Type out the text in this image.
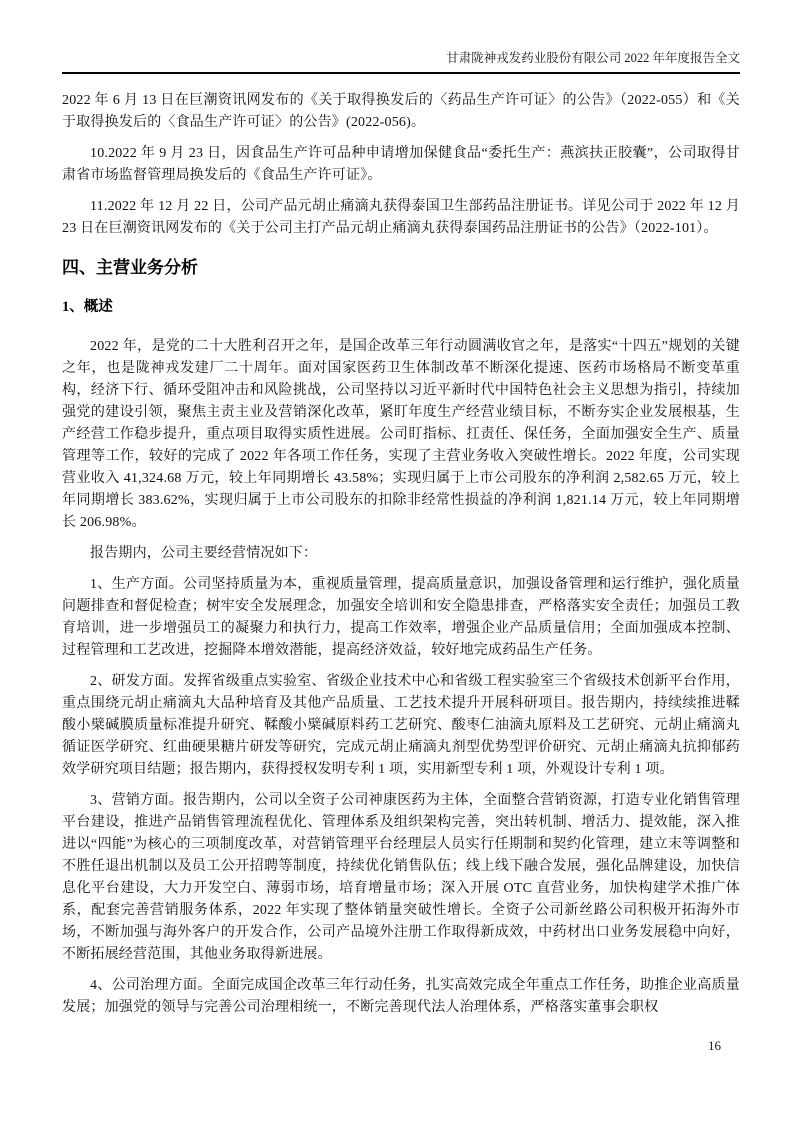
甘肃陇神戎发药业股份有限公司 2022 年年度报告全文

2022 年 6 月 13 日在巨潮资讯网发布的《关于取得换发后的〈药品生产许可证〉的公告》（2022-055）和《关于取得换发后的〈食品生产许可证〉的公告》(2022-056)。

10.2022 年 9 月 23 日，因食品生产许可品种申请增加保健食品“委托生产：燕滨扶正胶囊”，公司取得甘肃省市场监督管理局换发后的《食品生产许可证》。

11.2022 年 12 月 22 日，公司产品元胡止痛滴丸获得泰国卫生部药品注册证书。详见公司于 2022 年 12 月 23 日在巨潮资讯网发布的《关于公司主打产品元胡止痛滴丸获得泰国药品注册证书的公告》（2022-101）。

四、主营业务分析
1、概述

2022 年，是党的二十大胜利召开之年，是国企改革三年行动圆满收官之年，是落实“十四五”规划的关键之年，也是陇神戎发建厂二十周年。面对国家医药卫生体制改革不断深化提速、医药市场格局不断变革重构，经济下行、循环受阻冲击和风险挑战，公司坚持以习近平新时代中国特色社会主义思想为指引，持续加强党的建设引领，聚焦主责主业及营销深化改革，紧盯年度生产经营业绩目标，不断夯实企业发展根基，生产经营工作稳步提升，重点项目取得实质性进展。公司盯指标、扛责任、保任务，全面加强安全生产、质量管理等工作，较好的完成了 2022 年各项工作任务，实现了主营业务收入突破性增长。2022 年度，公司实现营业收入 41,324.68 万元，较上年同期增长 43.58%；实现归属于上市公司股东的净利润 2,582.65 万元，较上年同期增长 383.62%，实现归属于上市公司股东的扣除非经常性损益的净利润 1,821.14 万元，较上年同期增长 206.98%。

报告期内，公司主要经营情况如下：

1、生产方面。公司坚持质量为本，重视质量管理，提高质量意识，加强设备管理和运行维护，强化质量问题排查和督促检查；树牢安全发展理念，加强安全培训和安全隐患排查，严格落实安全责任；加强员工教育培训，进一步增强员工的凝聚力和执行力，提高工作效率，增强企业产品质量信用；全面加强成本控制、过程管理和工艺改进，挖掘降本增效潜能，提高经济效益，较好地完成药品生产任务。

2、研发方面。发挥省级重点实验室、省级企业技术中心和省级工程实验室三个省级技术创新平台作用，重点围绕元胡止痛滴丸大品种培育及其他产品质量、工艺技术提升开展科研项目。报告期内，持续续推进鞣酸小檗碱膜质量标准提升研究、鞣酸小檗碱原料药工艺研究、酸枣仁油滴丸原料及工艺研究、元胡止痛滴丸循证医学研究、红曲硬果糖片研发等研究，完成元胡止痛滴丸剂型优势型评价研究、元胡止痛滴丸抗抑郁药效学研究项目结题；报告期内，获得授权发明专利 1 项，实用新型专利 1 项，外观设计专利 1 项。

3、营销方面。报告期内，公司以全资子公司神康医药为主体，全面整合营销资源，打造专业化销售管理平台建设，推进产品销售管理流程优化、管理体系及组织架构完善，突出转机制、增活力、提效能，深入推进以“四能”为核心的三项制度改革，对营销管理平台经理层人员实行任期制和契约化管理，建立末等调整和不胜任退出机制以及员工公开招聘等制度，持续优化销售队伍；线上线下融合发展，强化品牌建设，加快信息化平台建设，大力开发空白、薄弱市场，培育增量市场；深入开展 OTC 直营业务，加快构建学术推广体系，配套完善营销服务体系，2022 年实现了整体销量突破性增长。全资子公司新丝路公司积极开拓海外市场，不断加强与海外客户的开发合作，公司产品境外注册工作取得新成效，中药材出口业务发展稳中向好，不断拓展经营范围，其他业务取得新进展。

4、公司治理方面。全面完成国企改革三年行动任务，扎实高效完成全年重点工作任务，助推企业高质量发展；加强党的领导与完善公司治理相统一，不断完善现代法人治理体系，严格落实董事会职权

16
